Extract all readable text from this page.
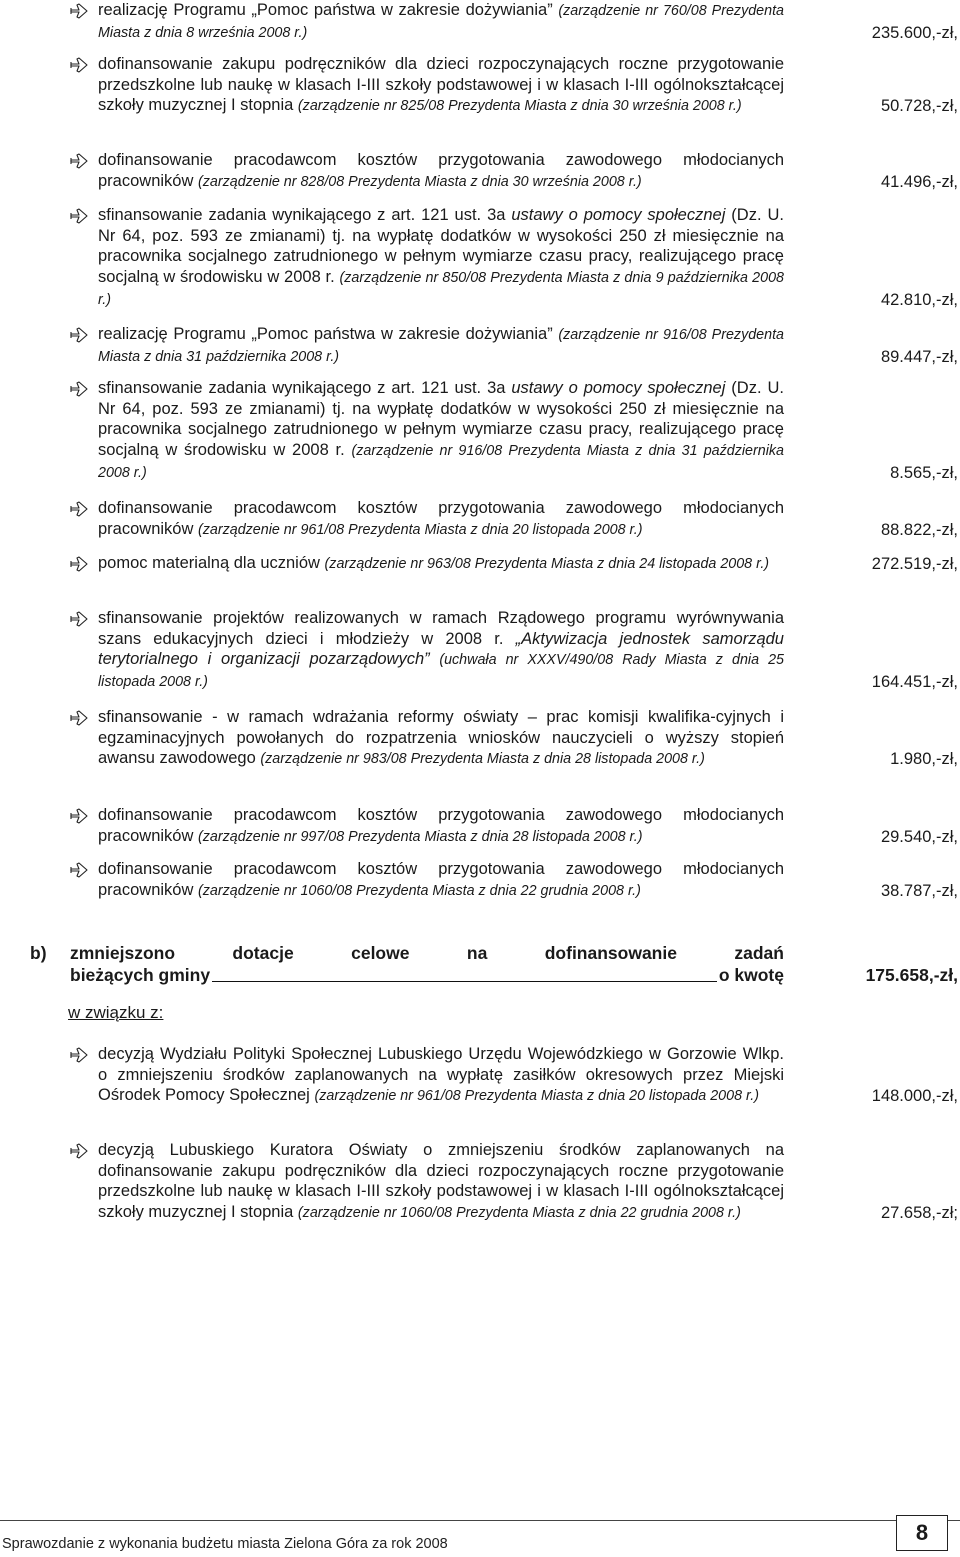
realizację Programu „Pomoc państwa w zakresie dożywiania” (zarządzenie nr 760/08 Prezydenta Miasta z dnia 8 września 2008 r.)	235.600,-zł,
dofinansowanie zakupu podręczników dla dzieci rozpoczynających roczne przygotowanie przedszkolne lub naukę w klasach I-III szkoły podstawowej i w klasach I-III ogólnokształcącej szkoły muzycznej I stopnia (zarządzenie nr 825/08 Prezydenta Miasta z dnia 30 września 2008 r.)	50.728,-zł,
dofinansowanie pracodawcom kosztów przygotowania zawodowego młodocianych pracowników (zarządzenie nr 828/08 Prezydenta Miasta z dnia 30 września 2008 r.)	41.496,-zł,
sfinansowanie zadania wynikającego z art. 121 ust. 3a ustawy o pomocy społecznej (Dz. U. Nr 64, poz. 593 ze zmianami) tj. na wypłatę dodatków w wysokości 250 zł miesięcznie na pracownika socjalnego zatrudnionego w pełnym wymiarze czasu pracy, realizującego pracę socjalną w środowisku w 2008 r. (zarządzenie nr 850/08 Prezydenta Miasta z dnia 9 października 2008 r.)	42.810,-zł,
realizację Programu „Pomoc państwa w zakresie dożywiania” (zarządzenie nr 916/08 Prezydenta Miasta z dnia 31 października 2008 r.)	89.447,-zł,
sfinansowanie zadania wynikającego z art. 121 ust. 3a ustawy o pomocy społecznej (Dz. U. Nr 64, poz. 593 ze zmianami) tj. na wypłatę dodatków w wysokości 250 zł miesięcznie na pracownika socjalnego zatrudnionego w pełnym wymiarze czasu pracy, realizującego pracę socjalną w środowisku w 2008 r. (zarządzenie nr 916/08 Prezydenta Miasta z dnia 31 października 2008 r.)	8.565,-zł,
dofinansowanie pracodawcom kosztów przygotowania zawodowego młodocianych pracowników (zarządzenie nr 961/08 Prezydenta Miasta z dnia 20 listopada 2008 r.)	88.822,-zł,
pomoc materialną dla uczniów (zarządzenie nr 963/08 Prezydenta Miasta z dnia 24 listopada 2008 r.)	272.519,-zł,
sfinansowanie projektów realizowanych w ramach Rządowego programu wyrównywania szans edukacyjnych dzieci i młodzieży w 2008 r. „Aktywizacja jednostek samorządu terytorialnego i organizacji pozarządowych” (uchwała nr XXXV/490/08 Rady Miasta z dnia 25 listopada 2008 r.)	164.451,-zł,
sfinansowanie - w ramach wdrażania reformy oświaty – prac komisji kwalifika-cyjnych i egzaminacyjnych powołanych do rozpatrzenia wniosków nauczycieli o wyższy stopień awansu zawodowego (zarządzenie nr 983/08 Prezydenta Miasta z dnia 28 listopada 2008 r.)	1.980,-zł,
dofinansowanie pracodawcom kosztów przygotowania zawodowego młodocianych pracowników (zarządzenie nr 997/08 Prezydenta Miasta z dnia 28 listopada 2008 r.)	29.540,-zł,
dofinansowanie pracodawcom kosztów przygotowania zawodowego młodocianych pracowników (zarządzenie nr 1060/08 Prezydenta Miasta z dnia 22 grudnia 2008 r.)	38.787,-zł,
b)	zmniejszono	dotacje	celowe	na	dofinansowanie	zadań
bieżących gminy	o kwotę	175.658,-zł,
w związku z:
decyzją Wydziału Polityki Społecznej Lubuskiego Urzędu Wojewódzkiego w Gorzowie Wlkp. o zmniejszeniu środków zaplanowanych na wypłatę zasiłków okresowych przez Miejski Ośrodek Pomocy Społecznej (zarządzenie nr 961/08 Prezydenta Miasta z dnia 20 listopada 2008 r.)	148.000,-zł,
decyzją Lubuskiego Kuratora Oświaty o zmniejszeniu środków zaplanowanych na dofinansowanie zakupu podręczników dla dzieci rozpoczynających roczne przygotowanie przedszkolne lub naukę w klasach I-III szkoły podstawowej i w klasach I-III ogólnokształcącej szkoły muzycznej I stopnia (zarządzenie nr 1060/08 Prezydenta Miasta z dnia 22 grudnia 2008 r.)	27.658,-zł;
Sprawozdanie z wykonania budżetu miasta Zielona Góra za rok 2008	8
